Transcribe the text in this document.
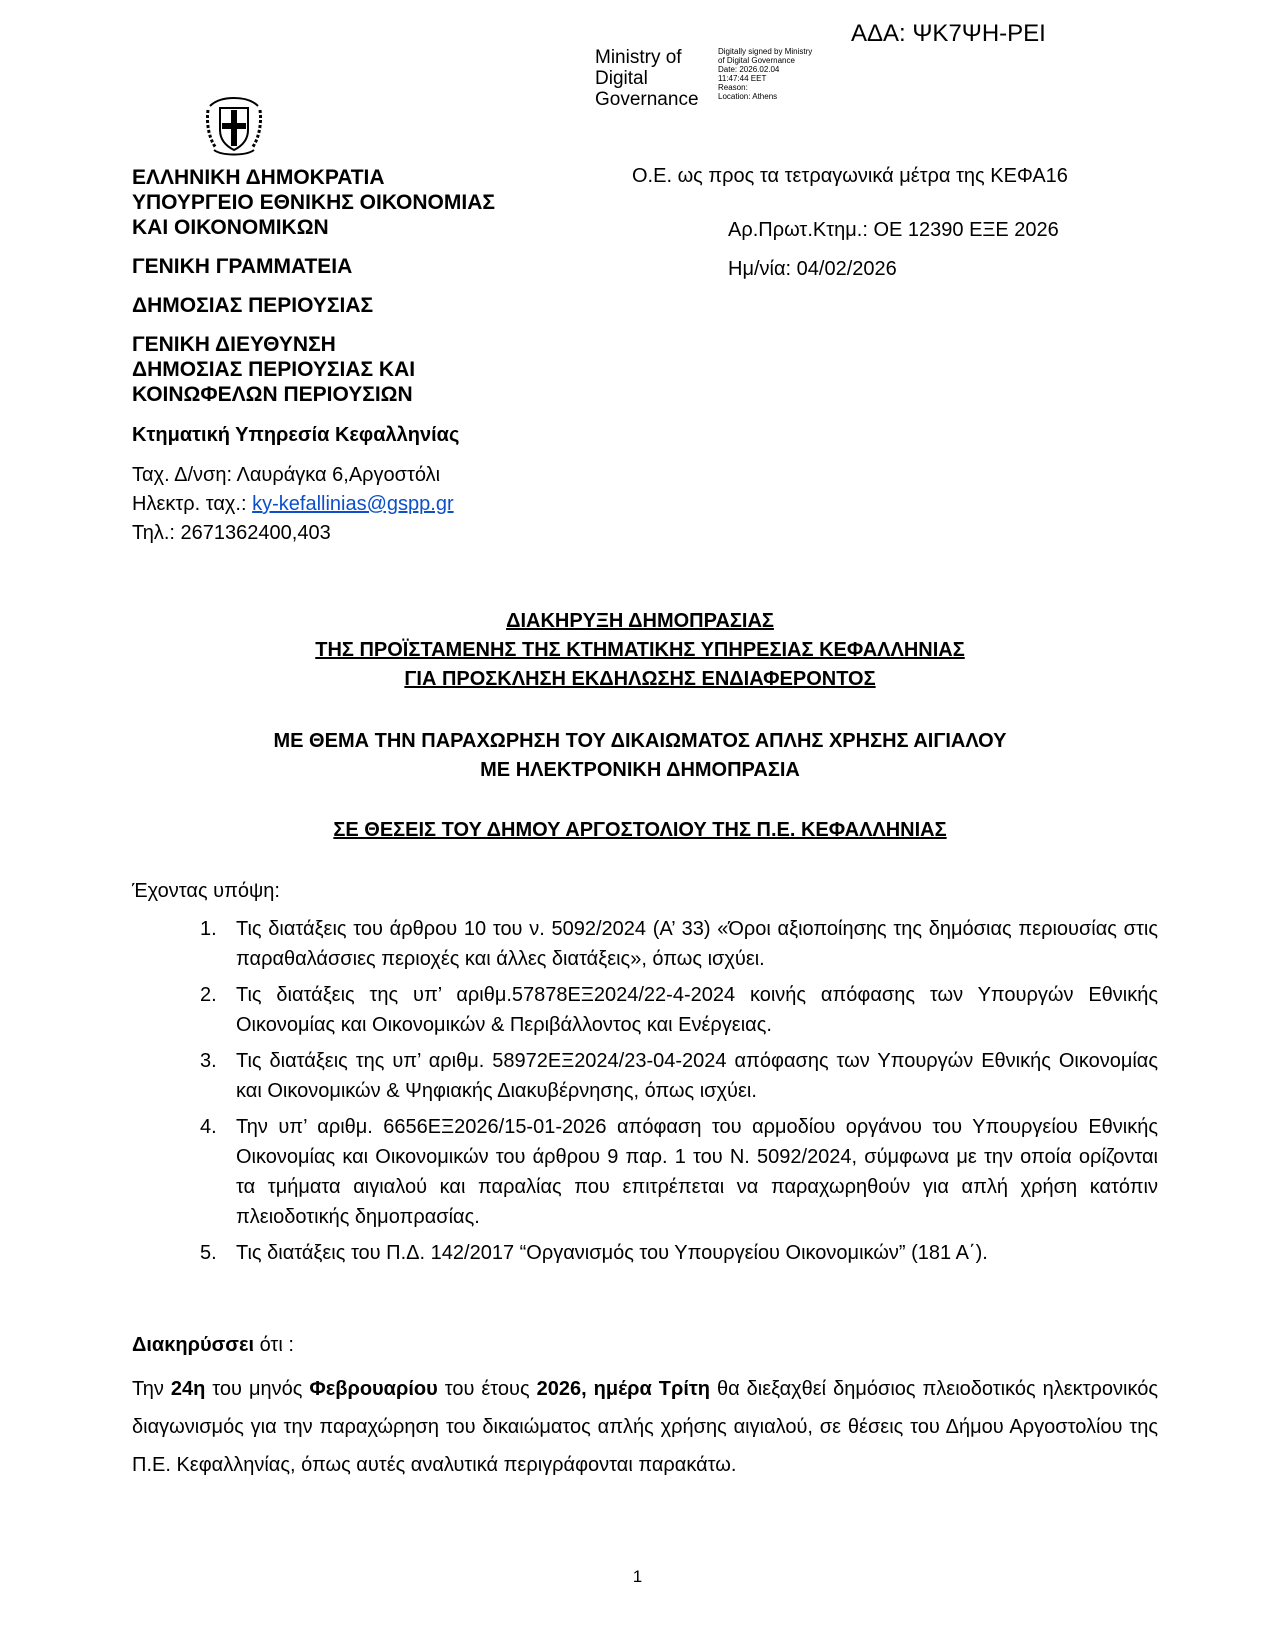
ΑΔΑ: ΨΚ7ΨΗ-ΡΕΙ
Ministry of
Digital
Governance
Digitally signed by Ministry
of Digital Governance
Date: 2026.02.04
11:47:44 EET
Reason:
Location: Athens

ΕΛΛΗΝΙΚΗ ΔΗΜΟΚΡΑΤΙΑ

ΥΠΟΥΡΓΕΙΟ ΕΘΝΙΚΗΣ ΟΙΚΟΝΟΜΙΑΣ

ΚΑΙ ΟΙΚΟΝΟΜΙΚΩΝ

ΓΕΝΙΚΗ ΓΡΑΜΜΑΤΕΙΑ

ΔΗΜΟΣΙΑΣ ΠΕΡΙΟΥΣΙΑΣ

ΓΕΝΙΚΗ ΔΙΕΥΘΥΝΣΗ

ΔΗΜΟΣΙΑΣ ΠΕΡΙΟΥΣΙΑΣ ΚΑΙ

ΚΟΙΝΩΦΕΛΩΝ ΠΕΡΙΟΥΣΙΩΝ

Κτηματική Υπηρεσία Κεφαλληνίας
Ταχ. Δ/νση: Λαυράγκα 6,Αργοστόλι
Ηλεκτρ. ταχ.: ky-kefallinias@gspp.gr
Τηλ.: 2671362400,403
Ο.Ε. ως προς τα τετραγωνικά μέτρα της ΚΕΦΑ16
Αρ.Πρωτ.Κτημ.: ΟΕ 12390 ΕΞΕ 2026
Ημ/νία: 04/02/2026

ΔΙΑΚΗΡΥΞΗ ΔΗΜΟΠΡΑΣΙΑΣ

ΤΗΣ ΠΡΟΪΣΤΑΜΕΝΗΣ ΤΗΣ ΚΤΗΜΑΤΙΚΗΣ ΥΠΗΡΕΣΙΑΣ ΚΕΦΑΛΛΗΝΙΑΣ

ΓΙΑ ΠΡΟΣΚΛΗΣΗ ΕΚΔΗΛΩΣΗΣ ΕΝΔΙΑΦΕΡΟΝΤΟΣ

ΜΕ ΘΕΜΑ ΤΗΝ ΠΑΡΑΧΩΡΗΣΗ ΤΟΥ ΔΙΚΑΙΩΜΑΤΟΣ ΑΠΛΗΣ ΧΡΗΣΗΣ ΑΙΓΙΑΛΟΥ

ΜΕ ΗΛΕΚΤΡΟΝΙΚΗ ΔΗΜΟΠΡΑΣΙΑ

ΣΕ ΘΕΣΕΙΣ ΤΟΥ ΔΗΜΟΥ ΑΡΓΟΣΤΟΛΙΟΥ ΤΗΣ Π.Ε. ΚΕΦΑΛΛΗΝΙΑΣ

Έχοντας υπόψη:
1. Τις διατάξεις του άρθρου 10 του ν. 5092/2024 (Α’ 33) «Όροι αξιοποίησης της δημόσιας περιουσίας στις παραθαλάσσιες περιοχές και άλλες διατάξεις», όπως ισχύει.
2. Τις διατάξεις της υπ’ αριθμ.57878ΕΞ2024/22-4-2024 κοινής απόφασης των Υπουργών Εθνικής Οικονομίας και Οικονομικών & Περιβάλλοντος και Ενέργειας.
3. Τις διατάξεις της υπ’ αριθμ. 58972ΕΞ2024/23-04-2024 απόφασης των Υπουργών Εθνικής Οικονομίας και Οικονομικών & Ψηφιακής Διακυβέρνησης, όπως ισχύει.
4. Την υπ’ αριθμ. 6656ΕΞ2026/15-01-2026 απόφαση του αρμοδίου οργάνου του Υπουργείου Εθνικής Οικονομίας και Οικονομικών του άρθρου 9 παρ. 1 του Ν. 5092/2024, σύμφωνα με την οποία ορίζονται τα τμήματα αιγιαλού και παραλίας που επιτρέπεται να παραχωρηθούν για απλή χρήση κατόπιν πλειοδοτικής δημοπρασίας.
5. Τις διατάξεις του Π.Δ. 142/2017 “Οργανισμός του Υπουργείου Οικονομικών” (181 Α΄).
Διακηρύσσει ότι :

Την 24η του μηνός Φεβρουαρίου του έτους 2026, ημέρα Τρίτη θα διεξαχθεί δημόσιος πλειοδοτικός ηλεκτρονικός διαγωνισμός για την παραχώρηση του δικαιώματος απλής χρήσης αιγιαλού, σε θέσεις του Δήμου Αργοστολίου της Π.Ε. Κεφαλληνίας, όπως αυτές αναλυτικά περιγράφονται παρακάτω.

1
